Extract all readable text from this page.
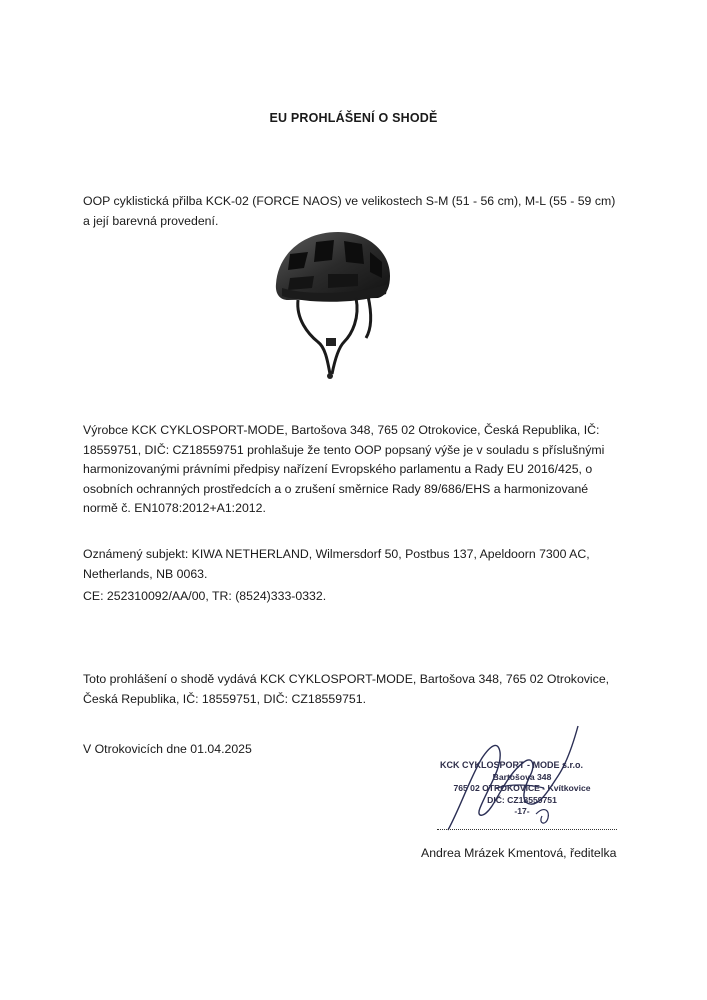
EU PROHLÁŠENÍ O SHODĚ

OOP cyklistická přilba KCK-02 (FORCE NAOS) ve velikostech S-M (51 - 56 cm), M-L (55 - 59 cm)

a její barevná provedení.

Výrobce KCK CYKLOSPORT-MODE, Bartošova 348, 765 02 Otrokovice, Česká Republika, IČ:

18559751, DIČ: CZ18559751 prohlašuje že tento OOP popsaný výše je v souladu s příslušnými

harmonizovanými právními předpisy nařízení Evropského parlamentu a Rady EU 2016/425, o

osobních ochranných prostředcích a o zrušení směrnice Rady 89/686/EHS a harmonizované

normě č. EN1078:2012+A1:2012.

Oznámený subjekt: KIWA NETHERLAND, Wilmersdorf 50, Postbus 137, Apeldoorn 7300 AC,

Netherlands, NB 0063.

CE: 252310092/AA/00, TR: (8524)333-0332.

Toto prohlášení o shodě vydává KCK CYKLOSPORT-MODE, Bartošova 348, 765 02 Otrokovice,

Česká Republika, IČ: 18559751, DIČ: CZ18559751.

V Otrokovicích dne 01.04.2025

KCK CYKLOSPORT - MODE s.r.o.
Bartošova 348
765 02 OTROKOVICE - Kvítkovice
DIČ: CZ18559751
-17-
Andrea Mrázek Kmentová, ředitelka
